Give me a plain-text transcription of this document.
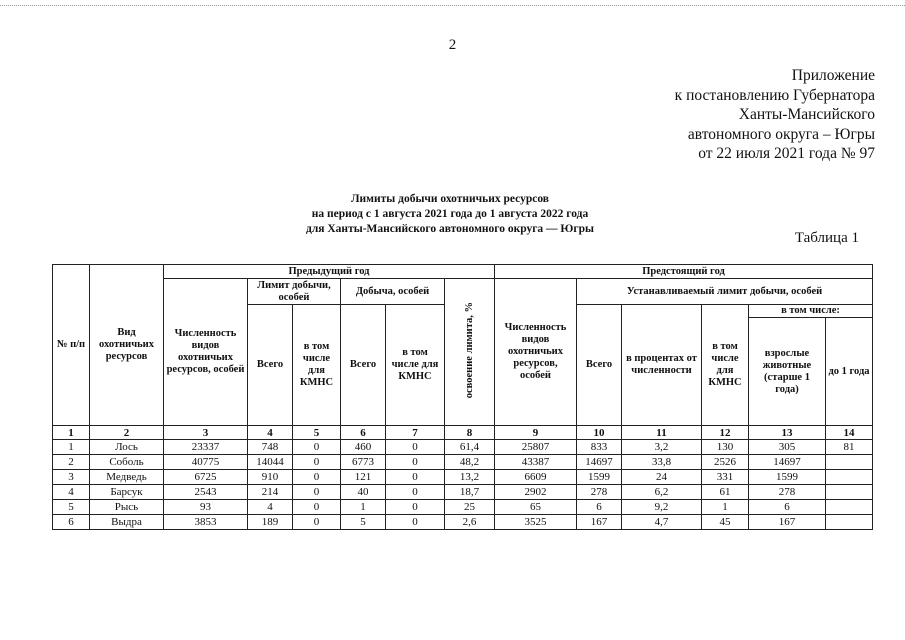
2
Приложение
к постановлению Губернатора
Ханты-Мансийского
автономного округа – Югры
от 22 июля 2021 года № 97
Лимиты добычи охотничьих ресурсов
на период с 1 августа 2021 года до 1 августа 2022 года
для Ханты-Мансийского автономного округа — Югры
Таблица 1
№ п/п	Вид охотничьих ресурсов	Предыдущий год						Предстоящий год					
		Численность видов охотничьих ресурсов, особей	Лимит добычи, особей		Добыча, особей		освоение лимита, %	Численность видов охотничьих ресурсов, особей	Устанавливаемый лимит добычи, особей				
			Всего	в том числе для КМНС	Всего	в том числе для КМНС			Всего	в процентах от численности	в том числе для КМНС	в том числе:	
												взрослые животные (старше 1 года)	до 1 года
1	2	3	4	5	6	7	8	9	10	11	12	13	14
1	Лось	23337	748	0	460	0	61,4	25807	833	3,2	130	305	81
2	Соболь	40775	14044	0	6773	0	48,2	43387	14697	33,8	2526	14697	
3	Медведь	6725	910	0	121	0	13,2	6609	1599	24	331	1599	
4	Барсук	2543	214	0	40	0	18,7	2902	278	6,2	61	278	
5	Рысь	93	4	0	1	0	25	65	6	9,2	1	6	
6	Выдра	3853	189	0	5	0	2,6	3525	167	4,7	45	167	
